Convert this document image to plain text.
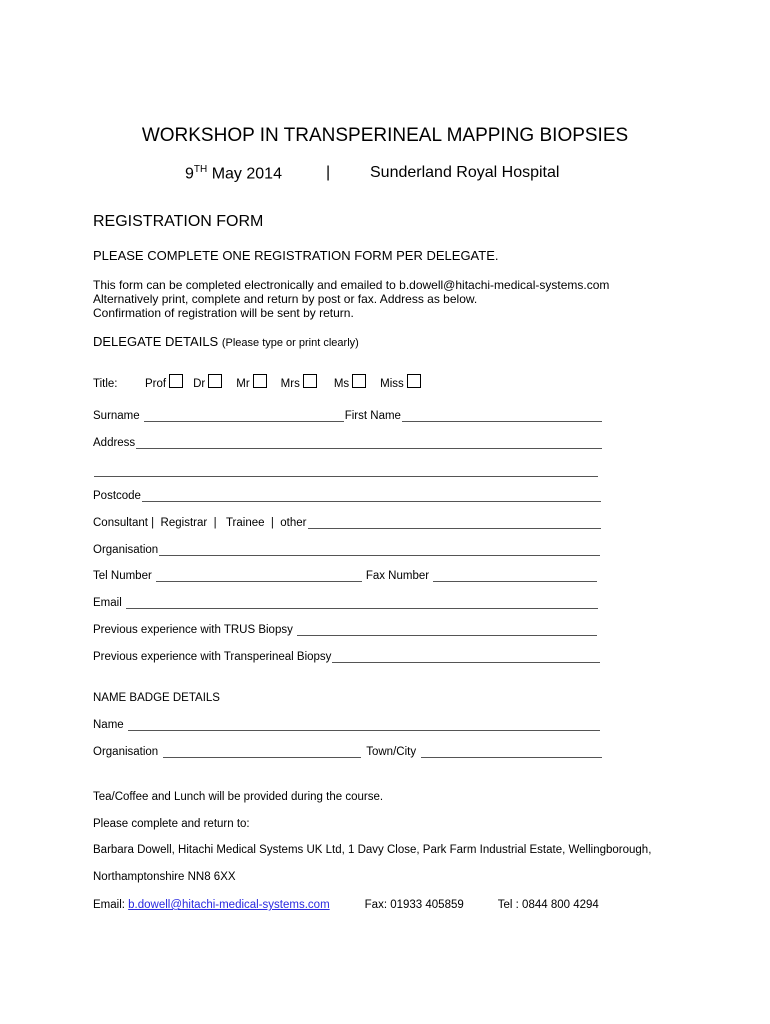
WORKSHOP IN TRANSPERINEAL MAPPING BIOPSIES
9TH May 2014	| Sunderland Royal Hospital
REGISTRATION FORM
PLEASE COMPLETE ONE REGISTRATION FORM PER DELEGATE.
This form can be completed electronically and emailed to b.dowell@hitachi-medical-systems.com
Alternatively print, complete and return by post or fax. Address as below.
Confirmation of registration will be sent by return.
DELEGATE DETAILS (Please type or print clearly)
Title:	Prof	Dr	Mr	Mrs	Ms	Miss
Surname	First Name
Address
Postcode
Consultant |  Registrar  |   Trainee  |  other
Organisation
Tel Number	Fax Number
Email
Previous experience with TRUS Biopsy
Previous experience with Transperineal Biopsy
NAME BADGE DETAILS
Name
Organisation	Town/City
Tea/Coffee and Lunch will be provided during the course.
Please complete and return to:
Barbara Dowell, Hitachi Medical Systems UK Ltd, 1 Davy Close, Park Farm Industrial Estate, Wellingborough,
Northamptonshire NN8 6XX
Email:
b.dowell@hitachi-medical-systems.com	Fax: 01933 405859	Tel : 0844 800 4294
